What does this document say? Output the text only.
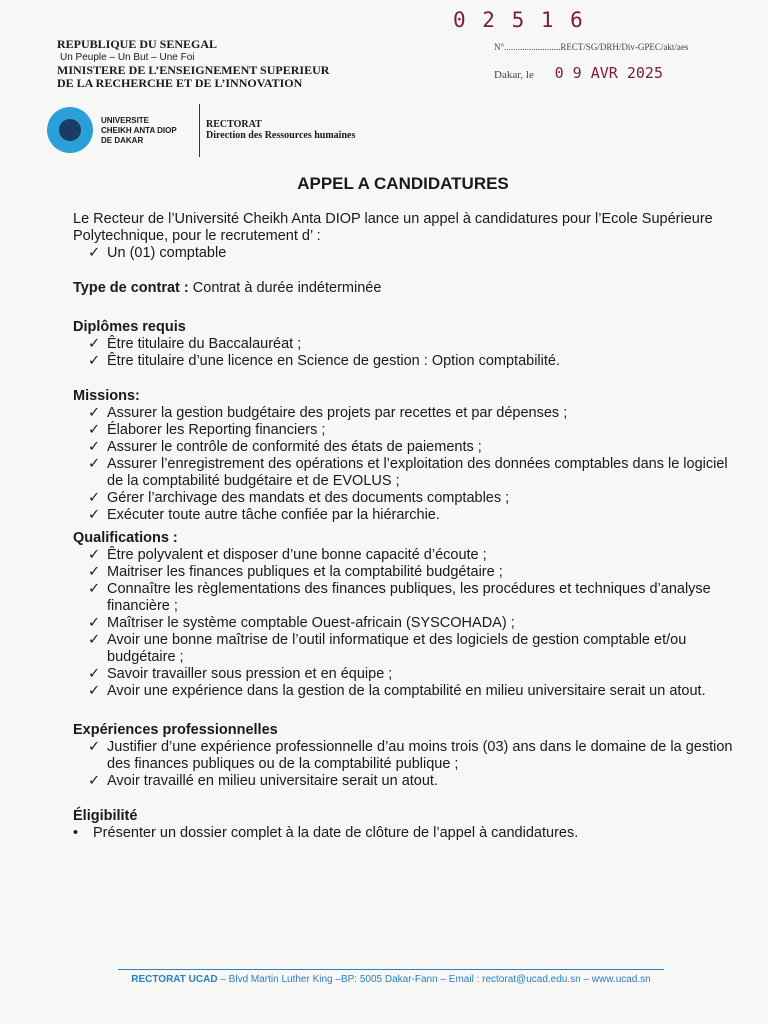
0 2 5 1 6
REPUBLIQUE DU SENEGAL
Un Peuple – Un But – Une Foi
MINISTERE DE L’ENSEIGNEMENT SUPERIEUR
DE LA RECHERCHE ET DE L’INNOVATION
N°.........................RECT/SG/DRH/Div-GPEC/akt/aes
Dakar, le 0 9 AVR 2025
UNIVERSITE
CHEIKH ANTA DIOP
DE DAKAR
RECTORAT
Direction des Ressources humaines
APPEL A CANDIDATURES

Le Recteur de l’Université Cheikh Anta DIOP lance un appel à candidatures pour l’Ecole Supérieure Polytechnique, pour le recrutement d’ :

✓ Un (01) comptable

Type de contrat : Contrat à durée indéterminée

Diplômes requis

✓ Être titulaire du Baccalauréat ;
✓ Être titulaire d’une licence en Science de gestion : Option comptabilité.

Missions:

✓ Assurer la gestion budgétaire des projets par recettes et par dépenses ;
✓ Élaborer les Reporting financiers ;
✓ Assurer le contrôle de conformité des états de paiements ;
✓ Assurer l’enregistrement des opérations et l’exploitation des données comptables dans le logiciel de la comptabilité budgétaire et de EVOLUS ;
✓ Gérer l’archivage des mandats et des documents comptables ;
✓ Exécuter toute autre tâche confiée par la hiérarchie.

Qualifications :

✓ Être polyvalent et disposer d’une bonne capacité d’écoute ;
✓ Maitriser les finances publiques et la comptabilité budgétaire ;
✓ Connaître les règlementations des finances publiques, les procédures et techniques d’analyse financière ;
✓ Maîtriser le système comptable Ouest-africain (SYSCOHADA) ;
✓ Avoir une bonne maîtrise de l’outil informatique et des logiciels de gestion comptable et/ou budgétaire ;
✓ Savoir travailler sous pression et en équipe ;
✓ Avoir une expérience dans la gestion de la comptabilité en milieu universitaire serait un atout.

Expériences professionnelles

✓ Justifier d’une expérience professionnelle d’au moins trois (03) ans dans le domaine de la gestion des finances publiques ou de la comptabilité publique ;
✓ Avoir travaillé en milieu universitaire serait un atout.

Éligibilité

• Présenter un dossier complet à la date de clôture de l’appel à candidatures.
RECTORAT UCAD – Blvd Martin Luther King –BP: 5005 Dakar-Fann – Email : rectorat@ucad.edu.sn – www.ucad.sn
